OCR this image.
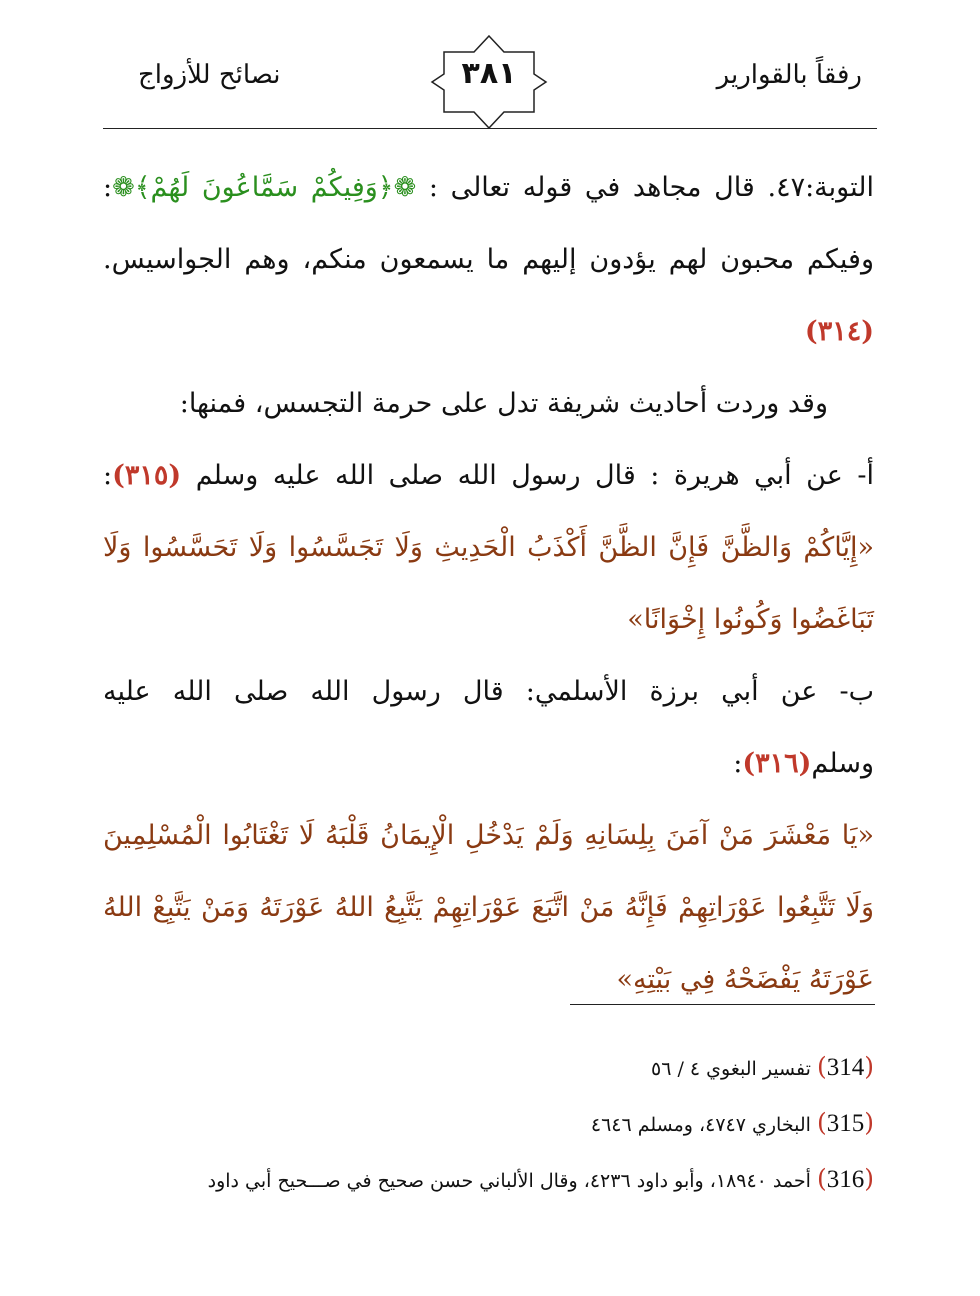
رفقاً بالقوارير
نصائح للأزواج	٣٨١

التوبة:٤٧. قال مجاهد في قوله تعالى : ❁﴿وَفِيكُمْ سَمَّاعُونَ لَهُمْ﴾❁: وفيكم محبون لهم يؤدون إليهم ما يسمعون منكم، وهم الجواسيس.(٣١٤)

وقد وردت أحاديث شريفة تدل على حرمة التجسس، فمنها:

أ- عن أبي هريرة : قال رسول الله صلى الله عليه وسلم (٣١٥): «إِيَّاكُمْ وَالظَّنَّ فَإِنَّ الظَّنَّ أَكْذَبُ الْحَدِيثِ وَلَا تَجَسَّسُوا وَلَا تَحَسَّسُوا وَلَا تَبَاغَضُوا وَكُونُوا إِخْوَانًا»

ب- عن أبي برزة الأسلمي: قال رسول الله صلى الله عليه وسلم(٣١٦):
«يَا مَعْشَرَ مَنْ آمَنَ بِلِسَانِهِ وَلَمْ يَدْخُلِ الْإِيمَانُ قَلْبَهُ لَا تَغْتَابُوا الْمُسْلِمِينَ وَلَا تَتَّبِعُوا عَوْرَاتِهِمْ فَإِنَّهُ مَنْ اتَّبَعَ عَوْرَاتِهِمْ يَتَّبِعُ اللهُ عَوْرَتَهُ وَمَنْ يَتَّبِعْ اللهُ عَوْرَتَهُ يَفْضَحْهُ فِي بَيْتِهِ»

(314) تفسير البغوي ٤ / ٥٦

(315) البخاري ٤٧٤٧، ومسلم ٤٦٤٦

(316) أحمد ١٨٩٤٠، وأبو داود ٤٢٣٦، وقال الألباني حسن صحيح في صـــحيح أبي داود
